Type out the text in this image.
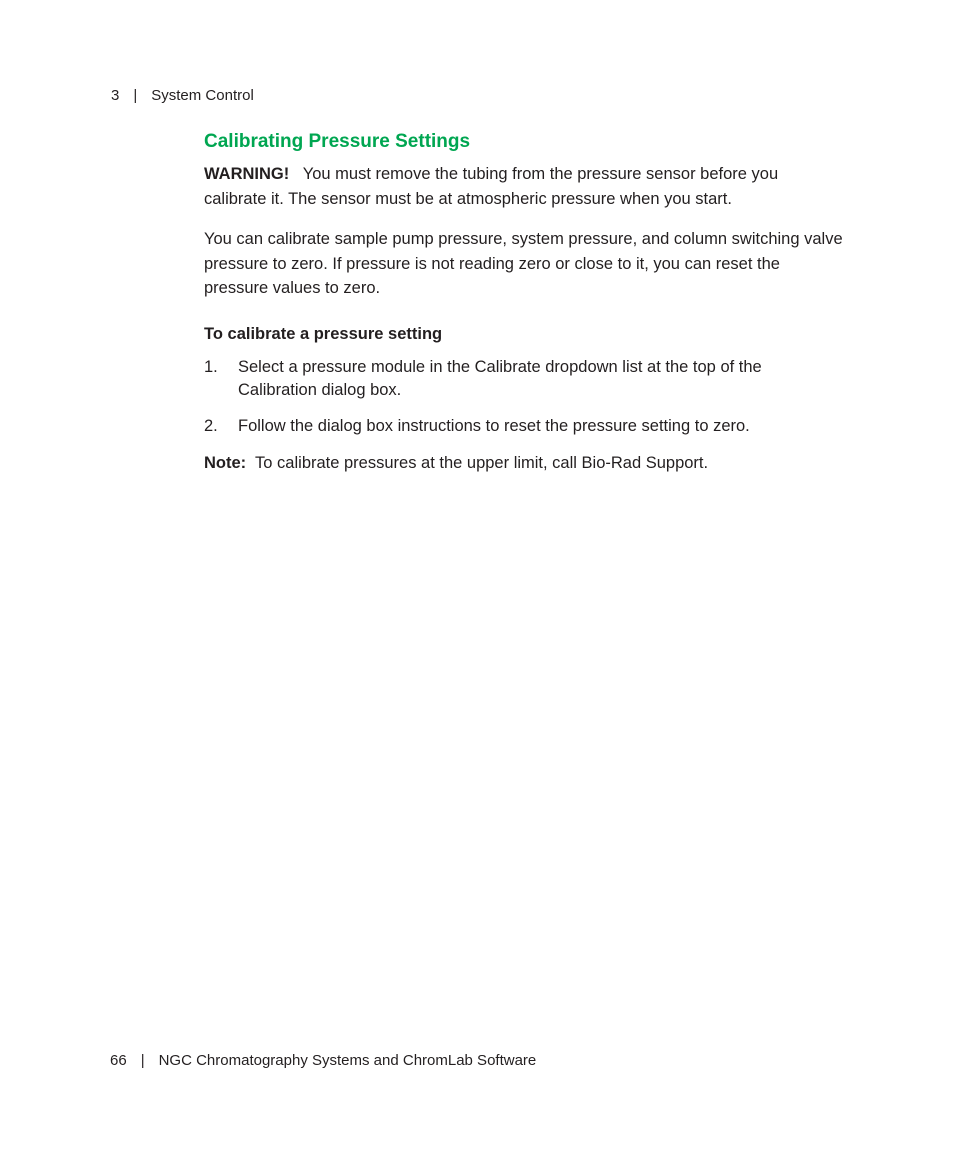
3 | System Control
Calibrating Pressure Settings

WARNING! You must remove the tubing from the pressure sensor before you calibrate it. The sensor must be at atmospheric pressure when you start.

You can calibrate sample pump pressure, system pressure, and column switching valve pressure to zero. If pressure is not reading zero or close to it, you can reset the pressure values to zero.

To calibrate a pressure setting
1.	Select a pressure module in the Calibrate dropdown list at the top of the Calibration dialog box.
2.	Follow the dialog box instructions to reset the pressure setting to zero.
Note: To calibrate pressures at the upper limit, call Bio-Rad Support.
66 | NGC Chromatography Systems and ChromLab Software
